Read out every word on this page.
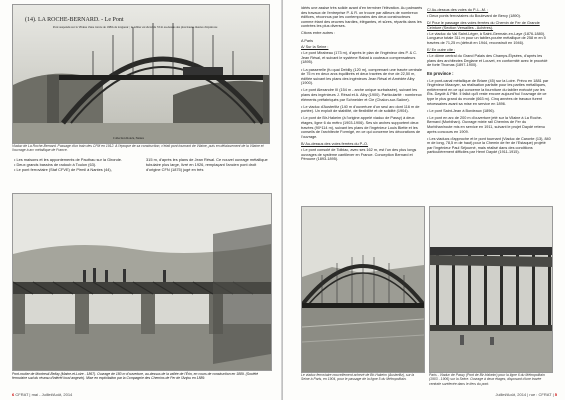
(14). LA ROCHE-BERNARD. - Le Pont
Pont suspendu sur la Vilaine d'une travée de 198m de longueur ; le tablier est élevé de 33 m au-dessus des plus hautes marées d'équinoxe
Collection Ronck, Nantes
Viaduc de La Roche-Bernard. Passage d'un train des CFM en 1912. A l'époque de sa construction, c'était pont tournant de Vilaine, puis en délaissement de la Vilaine et l'ouvrage à arc métallique de France.
• Les maisons et les appontements de Pauthau sur la Gironde.
• Deux grands bassins de radoub à Toulon (63).
• Le pont ferroviaire (Staf CFVE) de Pirmil à Nantes (44),
315 m, d'après les plans de Jean Résal. Ce nouvel ouvrage métallique tubulaire plus large, livré en 1926, remplaçant l'ancien pont droit d'origine CFN (1875) jugé en très
Pont-routier de Montreuil-Bellay (Maine-et-Loire - 1867). Ouvrage de 180 m d'ouverture, au-dessus de la vallée de l'Érin, en cours de construction en 1889. (Société ferroviaire sud du réseau d'intérêt local angevin). Mise en exploitation par la Compagnie des Chemins de Fer de l'Anjou en 1889.
6 CFRAT | mai - Juillet/Août, 2014

idéés une assise très solide avant d'en terminer l'élévation. Au palmarès des travaux de l'entreprise P. & R. on trouve par ailleurs de nombreux édifices, réconnus par les contemporains des deux constructeurs comme étant des œuvres hardies, élégantes, et sûres, répartis dans les contrées les plus diverses.

Citons entre autres :

A Paris
A/ Sur la Seine :

• Le pont Mirabeau (173 m), d'après le plan de l'ingénieur des P. & C. Jean Résal, et suivant le système Rabat à couteaux compensateurs (1895).

• La passerelle (fu quai Debilly (120 m), comprenant une travée centrale de 75 m en deux arcs équilibrés et deux travées de rive de 22,50 m, édifiée suivant les plans des ingénieurs Jean Résal et Amédée Alby (1900).

• Le pont Alexandre III (154 m - arche unique surbaissée), suivant les plans des ingénieurs J. Résal et A. Alby (1900). Particularité : nombreux éléments préfabriqués par Schneider et Cie (Chalon-sur-Saône).

• Le viaduc d'Austerlitz (140 m d'ouverture d'un seul arc dont 116 m de portée). Un exploit de stabilité, de flexibilité et de solidité (1904).

• Le pont de Bir-Hakeim (à l'origine appelé viaduc de Passy) à deux étages, ligne 6 du métro (1903-1906). Ses six arches supportent deux travées (90*114 m), suivant les plans de l'ingénieur Louis Biette et les conseils de l'architecte Formigé, en ce qui concerne les décorations de l'ouvrage.

B/ Au-dessus des voies ferrées du P.-O.

• Le pont consolé de Tolbiac, avec ses 162 m, est l'un des plus longs ouvrages de système cantilever en France. Conception Bernard et Péroune (1893-1895).

C/ Au-dessus des voies du P.-L.-M. :

• Deux ponts ferroviaires du Boulevard de Bercy (1890).

D/ Pour le passage des voies ferrées du Chemin de Fer de Grande Ceinture (Section Versailles - Achères).

• Le viaduc du Val Saint-Léger, à Saint-Germain-en-Laye (1876-1880). Longueur totale 311 m pour un tablier-poutre métallique de 258 m en 5 travées de 71,25 m (détruit en 1944, reconstruit en 1946).

E/ En outre cite :

• Le dôme central du Grand Palais des Champs-Élysées, d'après les plans des architectes Deglane et Louvet, en conformité avec le procédé de forte Thomas (1897-1900).

En province :

• Le pont-canal métallique de Briare (45) sur la Loire. Prévu en 1881 par l'ingénieur Mazoyer, sa réalisation parfaite pour les parties métalliques, entièrement en ce qui concerne la fourniture du tablier exécuté par les Éts. Daydé & Pillé. Il fallut qu'il reste encore aujourd'hui l'ouvrage de ce type le plus grand du monde (663 m). Cinq années de travaux furent nécessaires avant sa mise en service en 1896.

• Le pont Saint-Jean à Bordeaux (1896).

• Le pont en arc de 200 m d'ouverture jeté sur la Vilaine à La Roche-Bernard (Morbihan). Ouvrage mixte rail Chemins de Fer du Morbihan/route mis en service en 1911, suivant le projet Daydé retenu après concours en 1909.

• Les viaducs d'approche et le pont tournant (Viaduc de Caronte (13), 840 m de long, 78,5 m de haut) pour la Chemin de fer de l'Estaque) projeté par l'ingénieur Paul Séjourné, mais réalisé dans des conditions particulièrement difficiles par Henri Daydé (1911-1915).

Le viaduc ferroviaire nouvellement achevé de Bir-Hakeim (Austerlitz), sur la Seine à Paris, en 1904, pour le passage de la ligne 5 du Métropolitain.
Paris - Viaduc de Passy (Pont de Bir-Hakeim) pour la ligne 6 du Métropolitain (1903 - 1906) sur la Seine. Ouvrage à deux étages, disposant d'une travée centrale surélevée dans le tiers du pont.
Juillet/Août, 2014 | rue : CFRAT | 5
